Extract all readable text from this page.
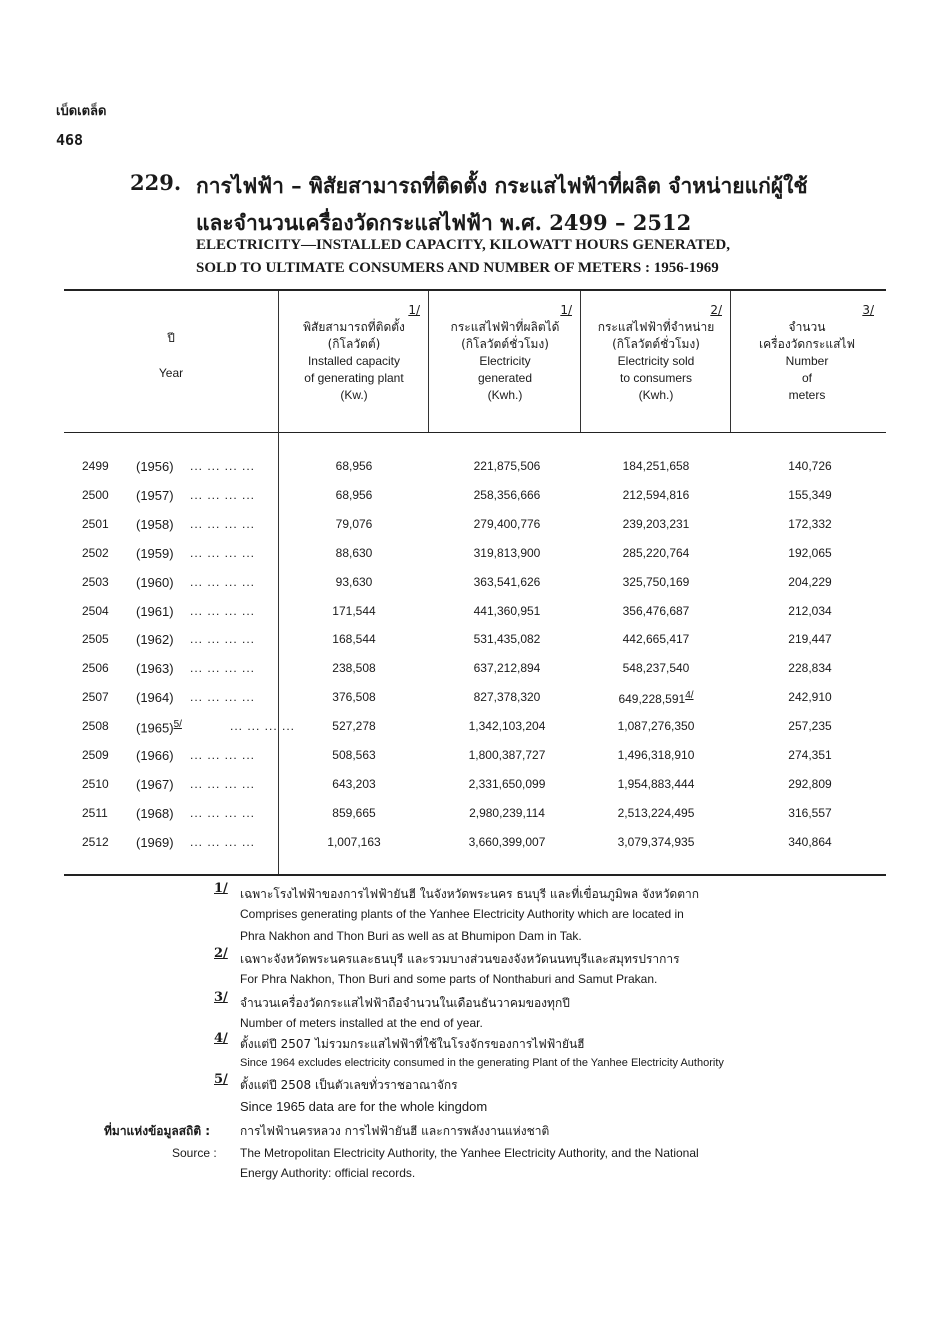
เบ็ดเตล็ด
468
229. การไฟฟ้า – พิสัยสามารถที่ติดตั้ง กระแสไฟฟ้าที่ผลิต จำหน่ายแก่ผู้ใช้
และจำนวนเครื่องวัดกระแสไฟฟ้า พ.ศ. 2499 – 2512
ELECTRICITY—INSTALLED CAPACITY, KILOWATT HOURS GENERATED,
SOLD TO ULTIMATE CONSUMERS AND NUMBER OF METERS : 1956-1969
ปี
Year
1/
พิสัยสามารถที่ติดตั้ง
(กิโลวัตต์)
Installed capacity
of generating plant
(Kw.)
1/
กระแสไฟฟ้าที่ผลิตได้
(กิโลวัตต์ชั่วโมง)
Electricity
generated
(Kwh.)
2/
กระแสไฟฟ้าที่จำหน่าย
(กิโลวัตต์ชั่วโมง)
Electricity sold
to consumers
(Kwh.)
3/
จำนวน
เครื่องวัดกระแสไฟ
Number
of
meters
2499 (1956) ... ... ... ...	68,956	221,875,506	184,251,658	140,726
2500 (1957) ... ... ... ...	68,956	258,356,666	212,594,816	155,349
2501 (1958) ... ... ... ...	79,076	279,400,776	239,203,231	172,332
2502 (1959) ... ... ... ...	88,630	319,813,900	285,220,764	192,065
2503 (1960) ... ... ... ...	93,630	363,541,626	325,750,169	204,229
2504 (1961) ... ... ... ...	171,544	441,360,951	356,476,687	212,034
2505 (1962) ... ... ... ...	168,544	531,435,082	442,665,417	219,447
2506 (1963) ... ... ... ...	238,508	637,212,894	548,237,540	228,834
2507 (1964) ... ... ... ...	376,508	827,378,320	649,228,591$^{4/}$	242,910
2508 (1965)$^{5/}$	... ... ... ...	527,278	1,342,103,204	1,087,276,350	257,235
2509 (1966) ... ... ... ...	508,563	1,800,387,727	1,496,318,910	274,351
2510 (1967) ... ... ... ...	643,203	2,331,650,099	1,954,883,444	292,809
2511 (1968) ... ... ... ...	859,665	2,980,239,114	2,513,224,495	316,557
2512 (1969) ... ... ... ...	1,007,163	3,660,399,007	3,079,374,935	340,864
1/ เฉพาะโรงไฟฟ้าของการไฟฟ้ายันฮี ในจังหวัดพระนคร ธนบุรี และที่เขื่อนภูมิพล จังหวัดตาก
Comprises generating plants of the Yanhee Electricity Authority which are located in
Phra Nakhon and Thon Buri as well as at Bhumipon Dam in Tak.
2/ เฉพาะจังหวัดพระนครและธนบุรี และรวมบางส่วนของจังหวัดนนทบุรีและสมุทรปราการ
For Phra Nakhon, Thon Buri and some parts of Nonthaburi and Samut Prakan.
3/ จำนวนเครื่องวัดกระแสไฟฟ้าถือจำนวนในเดือนธันวาคมของทุกปี
Number of meters installed at the end of year.
4/ ตั้งแต่ปี 2507 ไม่รวมกระแสไฟฟ้าที่ใช้ในโรงจักรของการไฟฟ้ายันฮี
Since 1964 excludes electricity consumed in the generating Plant of the Yanhee Electricity Authority
5/ ตั้งแต่ปี 2508 เป็นตัวเลขทั่วราชอาณาจักร
Since 1965 data are for the whole kingdom
ที่มาแห่งข้อมูลสถิติ : การไฟฟ้านครหลวง การไฟฟ้ายันฮี และการพลังงานแห่งชาติ
Source : The Metropolitan Electricity Authority, the Yanhee Electricity Authority, and the National
Energy Authority: official records.
